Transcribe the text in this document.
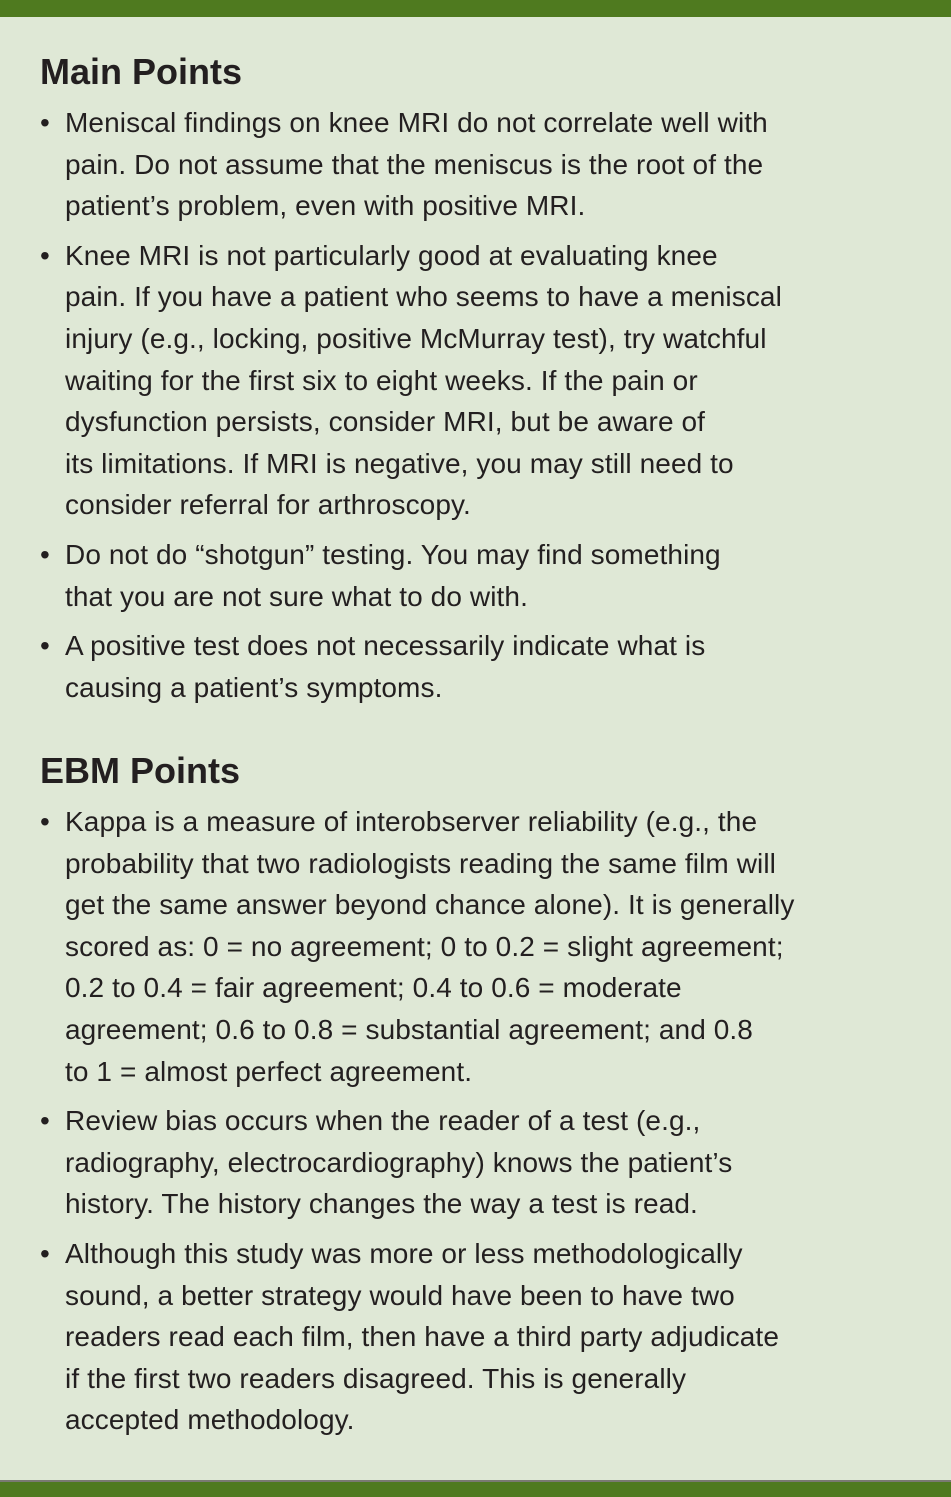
Main Points
• Meniscal findings on knee MRI do not correlate well with
pain. Do not assume that the meniscus is the root of the
patient’s problem, even with positive MRI.
• Knee MRI is not particularly good at evaluating knee
pain. If you have a patient who seems to have a meniscal
injury (e.g., locking, positive McMurray test), try watchful
waiting for the first six to eight weeks. If the pain or
dysfunction persists, consider MRI, but be aware of
its limitations. If MRI is negative, you may still need to
consider referral for arthroscopy.
• Do not do “shotgun” testing. You may find something
that you are not sure what to do with.
• A positive test does not necessarily indicate what is
causing a patient’s symptoms.
EBM Points
• Kappa is a measure of interobserver reliability (e.g., the
probability that two radiologists reading the same film will
get the same answer beyond chance alone). It is generally
scored as: 0 = no agreement; 0 to 0.2 = slight agreement;
0.2 to 0.4 = fair agreement; 0.4 to 0.6 = moderate
agreement; 0.6 to 0.8 = substantial agreement; and 0.8
to 1 = almost perfect agreement.
• Review bias occurs when the reader of a test (e.g.,
radiography, electrocardiography) knows the patient’s
history. The history changes the way a test is read.
• Although this study was more or less methodologically
sound, a better strategy would have been to have two
readers read each film, then have a third party adjudicate
if the first two readers disagreed. This is generally
accepted methodology.
